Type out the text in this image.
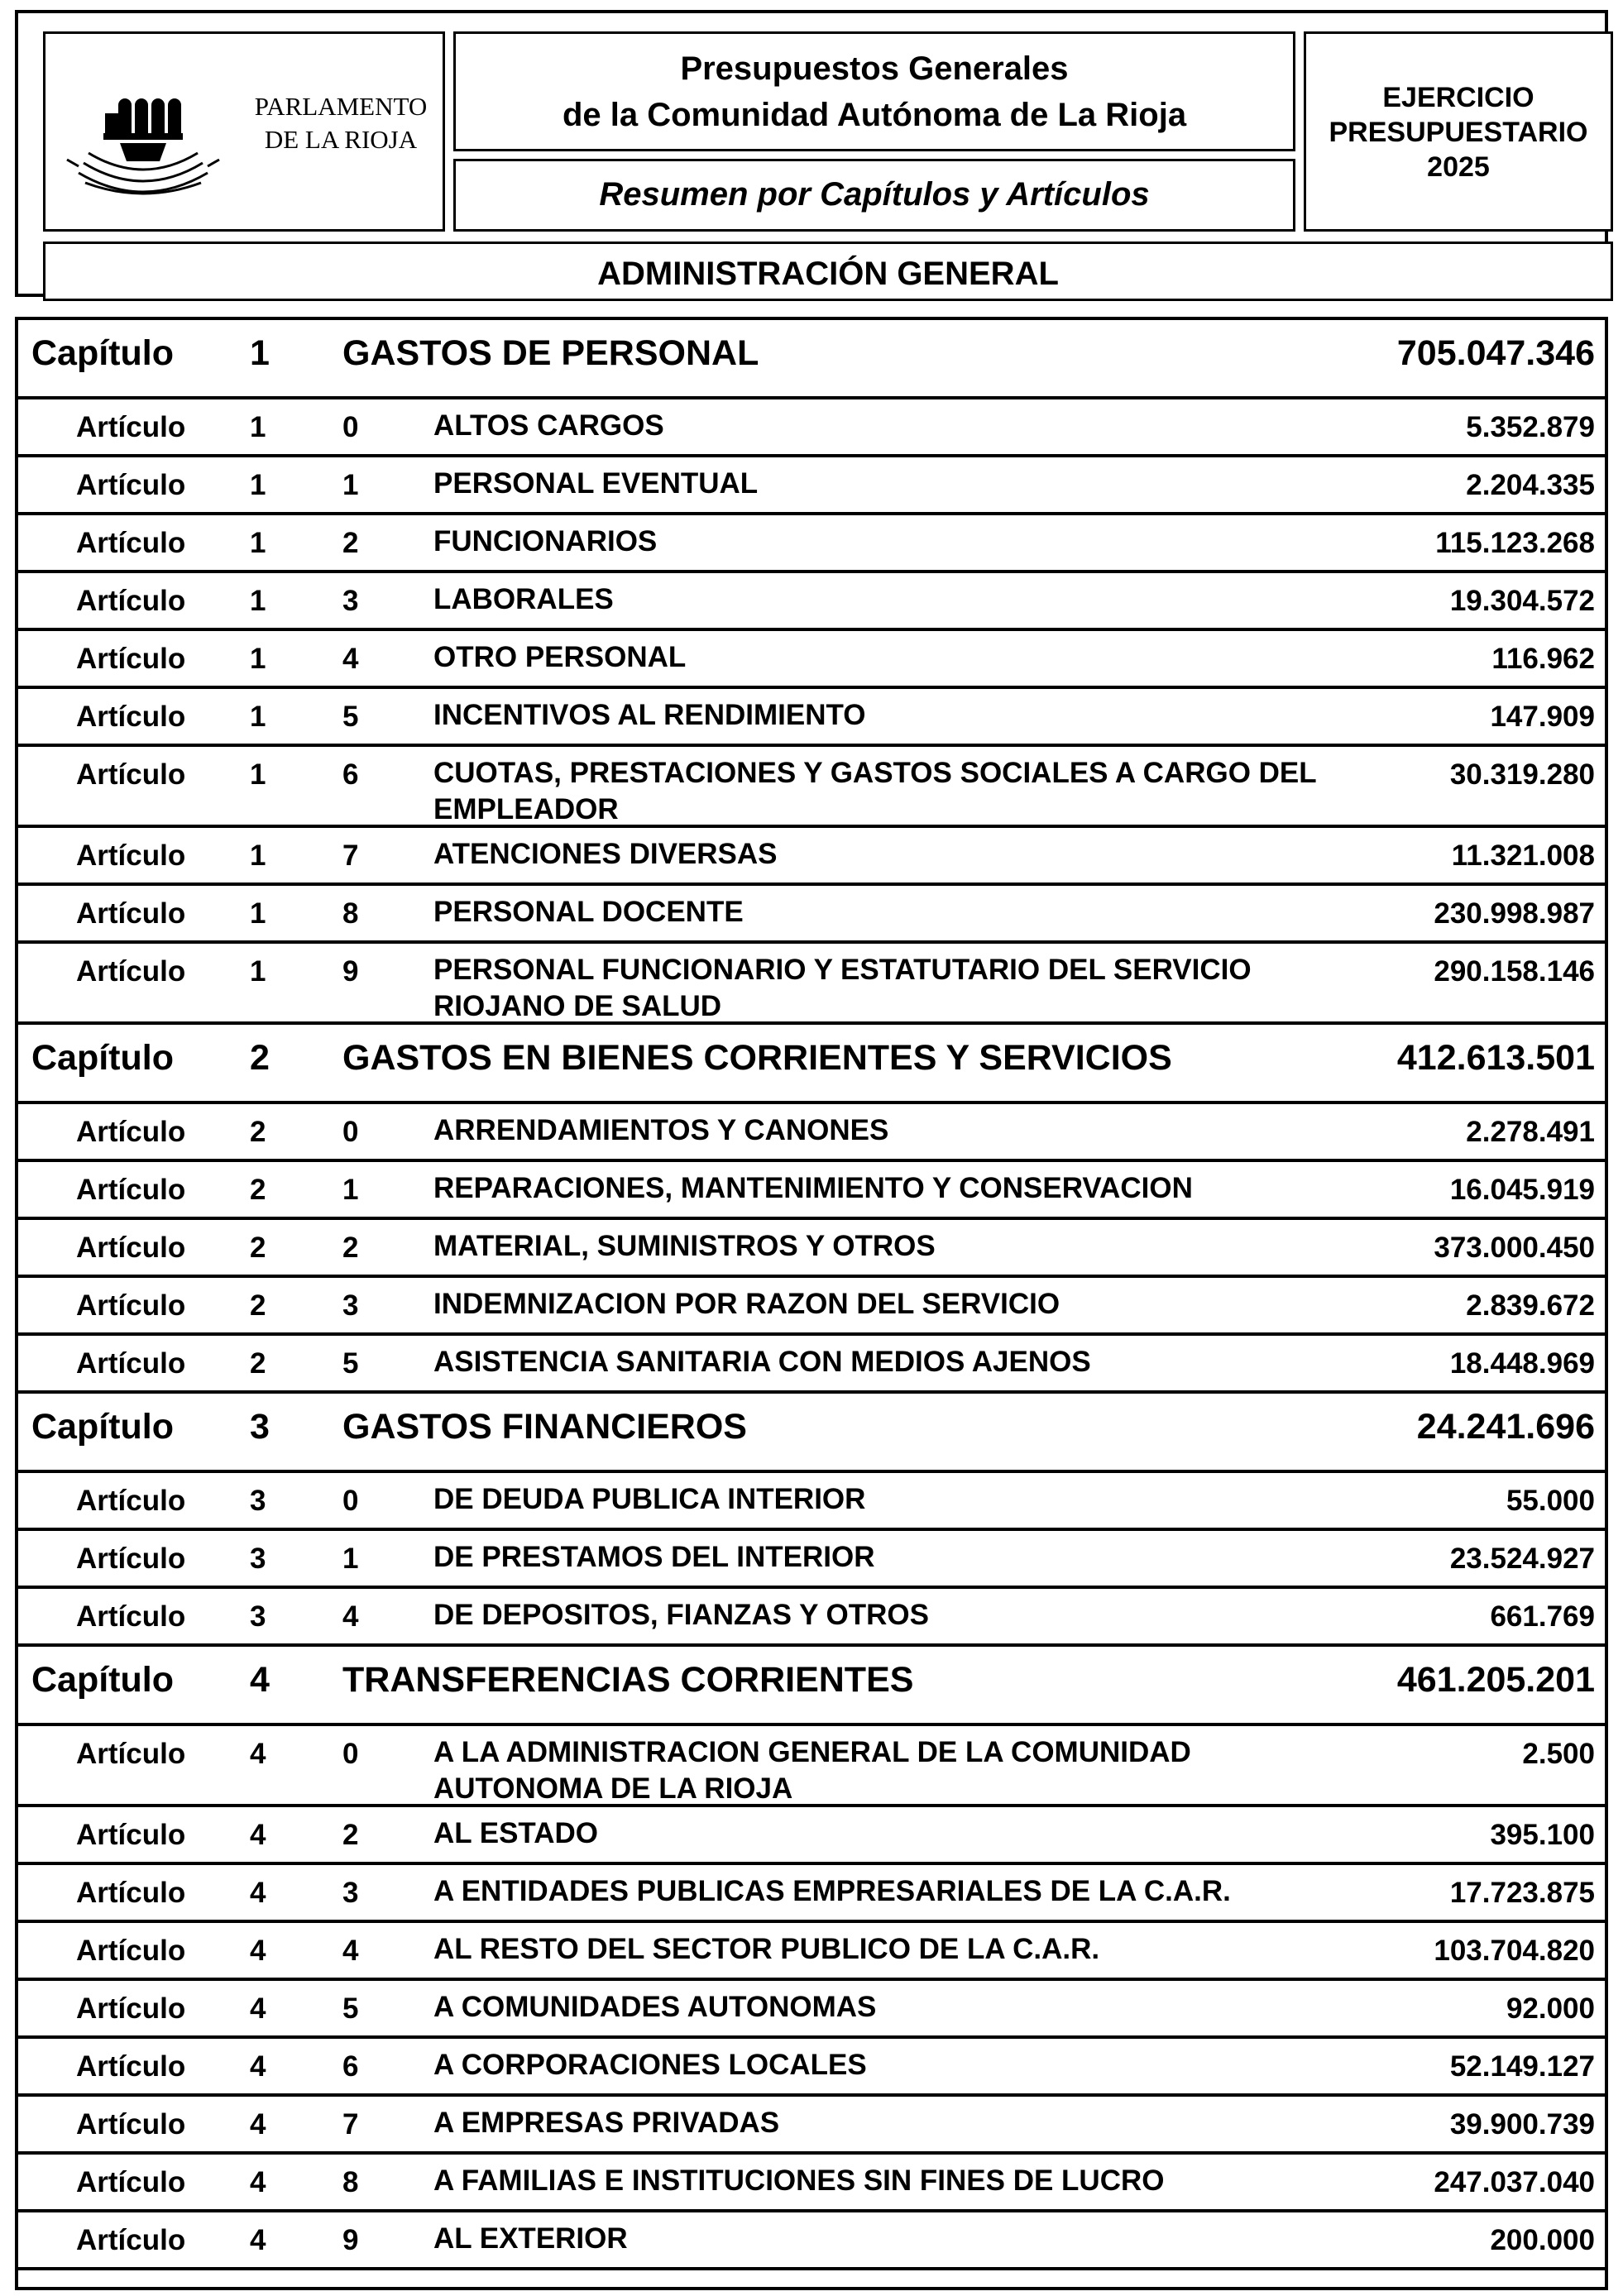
PARLAMENTO
DE LA RIOJA
Presupuestos Generales
de la Comunidad Autónoma de La Rioja
Resumen por Capítulos y Artículos
EJERCICIO
PRESUPUESTARIO
2025
ADMINISTRACIÓN GENERAL
Capítulo 1 GASTOS DE PERSONAL	705.047.346
Artículo 1	0	ALTOS CARGOS	5.352.879
Artículo 1	1	PERSONAL EVENTUAL	2.204.335
Artículo 1	2	FUNCIONARIOS	115.123.268
Artículo 1	3	LABORALES	19.304.572
Artículo 1	4	OTRO PERSONAL	116.962
Artículo 1	5	INCENTIVOS AL RENDIMIENTO	147.909
Artículo 1	6	CUOTAS, PRESTACIONES Y GASTOS SOCIALES A CARGO DEL EMPLEADOR
30.319.280
Artículo 1	7	ATENCIONES DIVERSAS	11.321.008
Artículo 1	8	PERSONAL DOCENTE	230.998.987
Artículo 1	9	PERSONAL FUNCIONARIO Y ESTATUTARIO DEL SERVICIO RIOJANO DE SALUD
290.158.146
Capítulo 2 GASTOS EN BIENES CORRIENTES Y SERVICIOS	412.613.501
Artículo 2	0	ARRENDAMIENTOS Y CANONES	2.278.491
Artículo 2	1	REPARACIONES, MANTENIMIENTO Y CONSERVACION	16.045.919
Artículo 2	2	MATERIAL, SUMINISTROS Y OTROS	373.000.450
Artículo 2	3	INDEMNIZACION POR RAZON DEL SERVICIO	2.839.672
Artículo 2	5	ASISTENCIA SANITARIA CON MEDIOS AJENOS	18.448.969
Capítulo 3 GASTOS FINANCIEROS	24.241.696
Artículo 3	0	DE DEUDA PUBLICA INTERIOR	55.000
Artículo 3	1	DE PRESTAMOS DEL INTERIOR	23.524.927
Artículo 3	4	DE DEPOSITOS, FIANZAS Y OTROS	661.769
Capítulo 4 TRANSFERENCIAS CORRIENTES	461.205.201
Artículo 4	0	A LA ADMINISTRACION GENERAL DE LA COMUNIDAD AUTONOMA DE LA RIOJA
2.500
Artículo 4	2	AL ESTADO	395.100
Artículo 4	3	A ENTIDADES PUBLICAS EMPRESARIALES DE LA C.A.R.	17.723.875
Artículo 4	4	AL RESTO DEL SECTOR PUBLICO DE LA C.A.R.	103.704.820
Artículo 4	5	A COMUNIDADES AUTONOMAS	92.000
Artículo 4	6	A CORPORACIONES LOCALES	52.149.127
Artículo 4	7	A EMPRESAS PRIVADAS	39.900.739
Artículo 4	8	A FAMILIAS E INSTITUCIONES SIN FINES DE LUCRO	247.037.040
Artículo 4	9	AL EXTERIOR	200.000
